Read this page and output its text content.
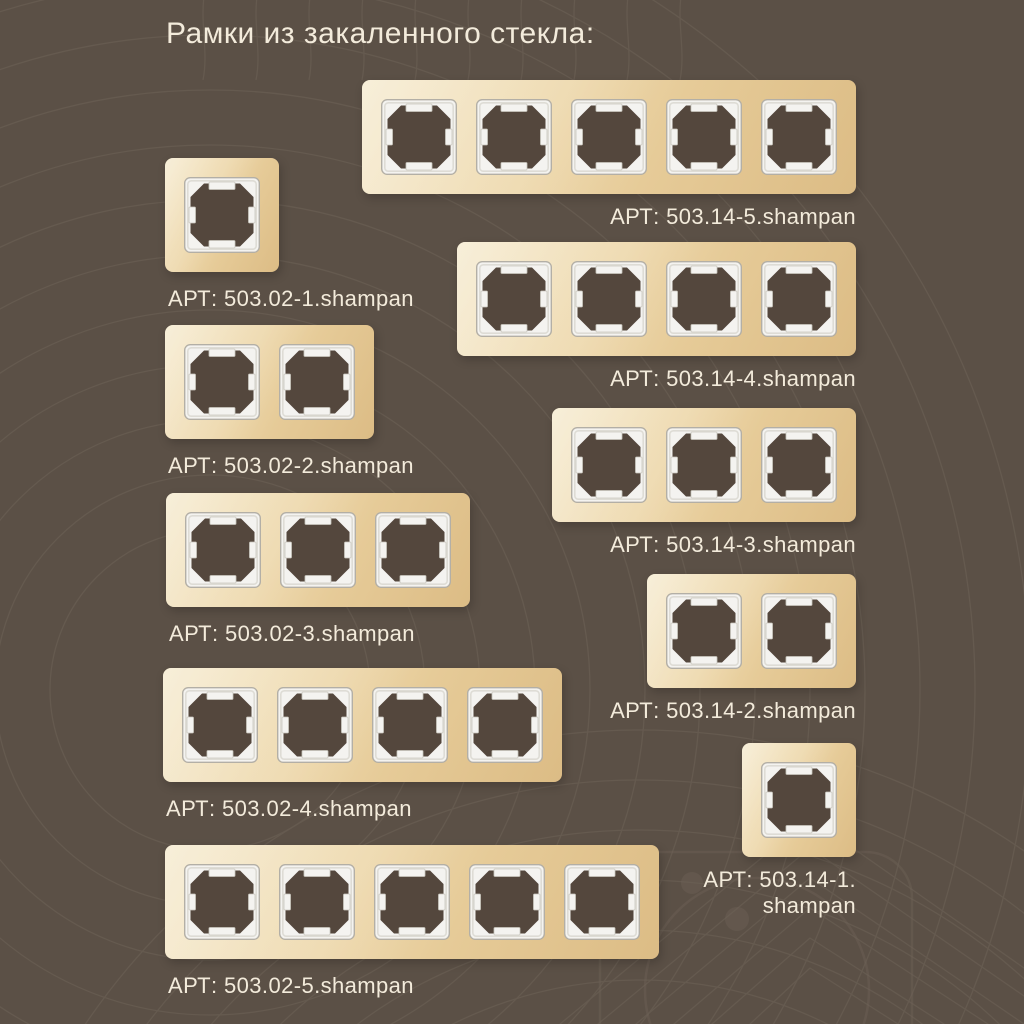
Рамки из закаленного стекла:
АРТ: 503.02-1.shampan
АРТ: 503.02-2.shampan
АРТ: 503.02-3.shampan
АРТ: 503.02-4.shampan
АРТ: 503.02-5.shampan
АРТ: 503.14-5.shampan
АРТ: 503.14-4.shampan
АРТ: 503.14-3.shampan
АРТ: 503.14-2.shampan
АРТ: 503.14-1.
shampan
